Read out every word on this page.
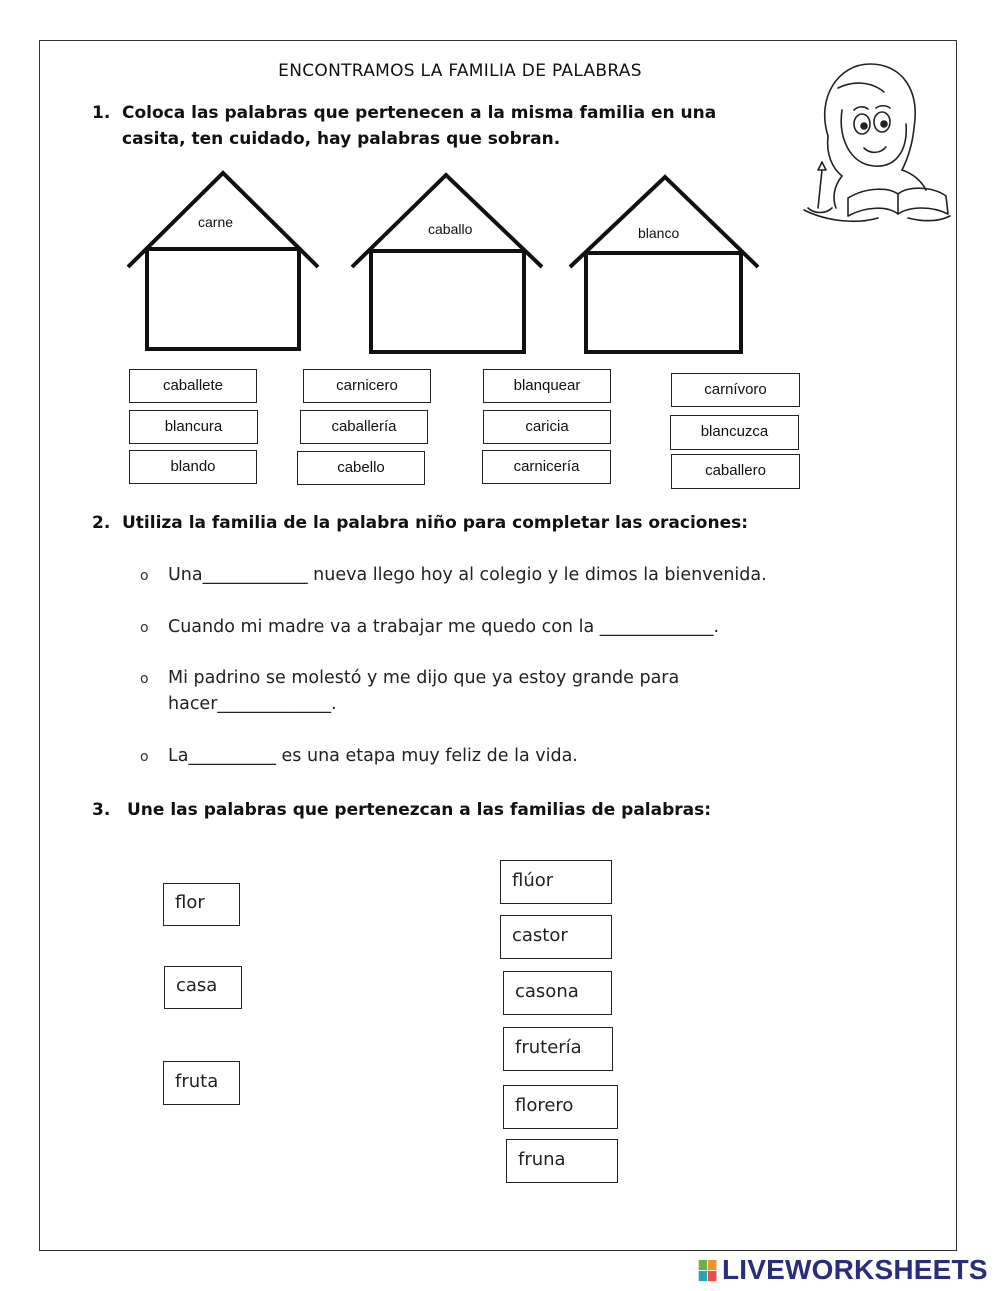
ENCONTRAMOS LA FAMILIA DE PALABRAS
1. Coloca las palabras que pertenecen a la misma familia en una
casita, ten cuidado, hay palabras que sobran.
carne	caballo	blanco
caballete
blancura
blando
carnicero
caballería
cabello
blanquear
caricia
carnicería
carnívoro
blancuzca
caballero
2. Utiliza la familia de la palabra niño para completar las oraciones:
o Una____________ nueva llego hoy al colegio y le dimos la bienvenida.
o Cuando mi madre va a trabajar me quedo con la _____________.
o Mi padrino se molestó y me dijo que ya estoy grande para
hacer_____________.
o La__________ es una etapa muy feliz de la vida.
3. Une las palabras que pertenezcan a las familias de palabras:
flor
casa
fruta
flúor
castor
casona
frutería
florero
fruna
LIVEWORKSHEETS
